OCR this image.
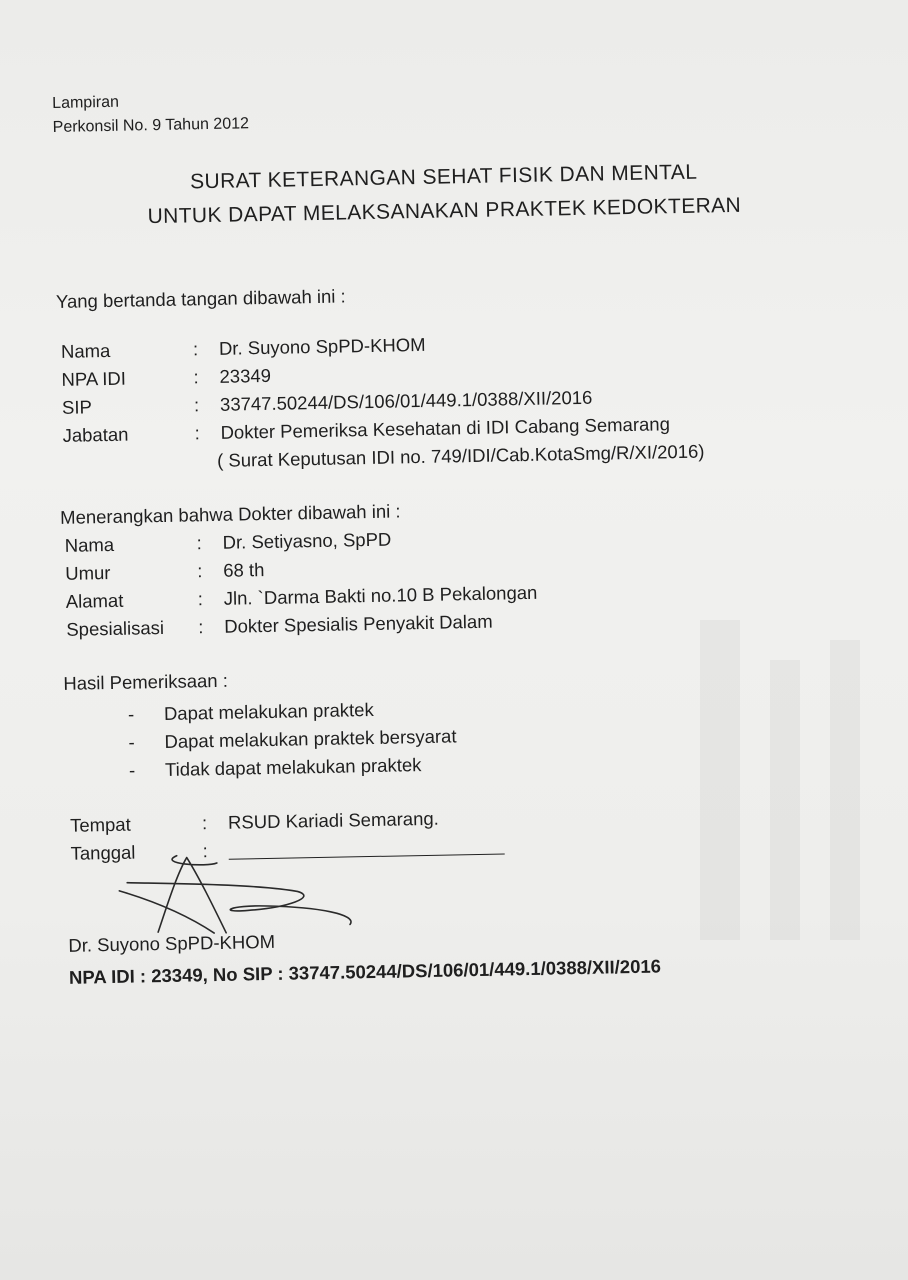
Lampiran
Perkonsil No. 9 Tahun 2012
SURAT KETERANGAN SEHAT FISIK DAN MENTAL
UNTUK DAPAT MELAKSANAKAN PRAKTEK KEDOKTERAN
Yang bertanda tangan dibawah ini :
Nama	: Dr. Suyono SpPD-KHOM
NPA IDI	: 23349
SIP	: 33747.50244/DS/106/01/449.1/0388/XII/2016
Jabatan	: Dokter Pemeriksa Kesehatan di IDI Cabang Semarang
( Surat Keputusan IDI no. 749/IDI/Cab.KotaSmg/R/XI/2016)
Menerangkan bahwa Dokter dibawah ini :
Nama	: Dr. Setiyasno, SpPD
Umur	: 68 th
Alamat	: Jln. `Darma Bakti no.10 B Pekalongan
Spesialisasi : Dokter Spesialis Penyakit Dalam
Hasil Pemeriksaan :
- Dapat melakukan praktek
- Dapat melakukan praktek bersyarat
- Tidak dapat melakukan praktek
Tempat	: RSUD Kariadi Semarang.
Tanggal	:
Dr. Suyono SpPD-KHOM
NPA IDI : 23349, No SIP : 33747.50244/DS/106/01/449.1/0388/XII/2016
